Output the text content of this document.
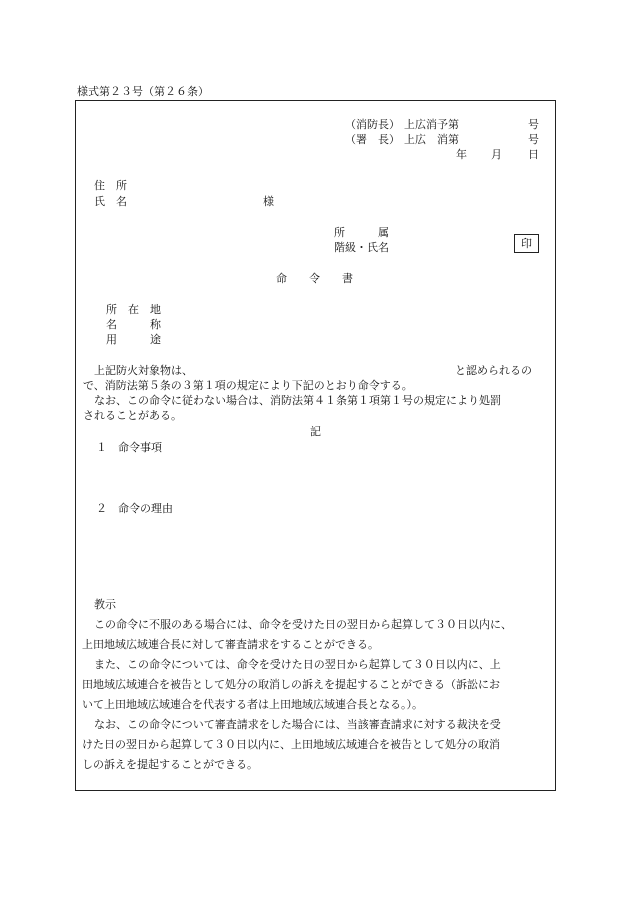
様式第２３号（第２６条）
（消防長） 上広消予第	号
（署　長） 上広　消第	号
年 月 日
住　所
氏　名	様
所　　　属
階級・氏名	印
命　　令　　書
所　在　地
名　　　称
用　　　途
上記防火対象物は、	と認められるの
で、消防法第５条の３第１項の規定により下記のとおり命令する。
なお、この命令に従わない場合は、消防法第４１条第１項第１号の規定により処罰
されることがある。
記
１ 命令事項
２ 命令の理由
教示
この命令に不服のある場合には、命令を受けた日の翌日から起算して３０日以内に、
上田地域広域連合長に対して審査請求をすることができる。
また、この命令については、命令を受けた日の翌日から起算して３０日以内に、上
田地域広域連合を被告として処分の取消しの訴えを提起することができる（訴訟にお
いて上田地域広域連合を代表する者は上田地域広域連合長となる。）。
なお、この命令について審査請求をした場合には、当該審査請求に対する裁決を受
けた日の翌日から起算して３０日以内に、上田地域広域連合を被告として処分の取消
しの訴えを提起することができる。
